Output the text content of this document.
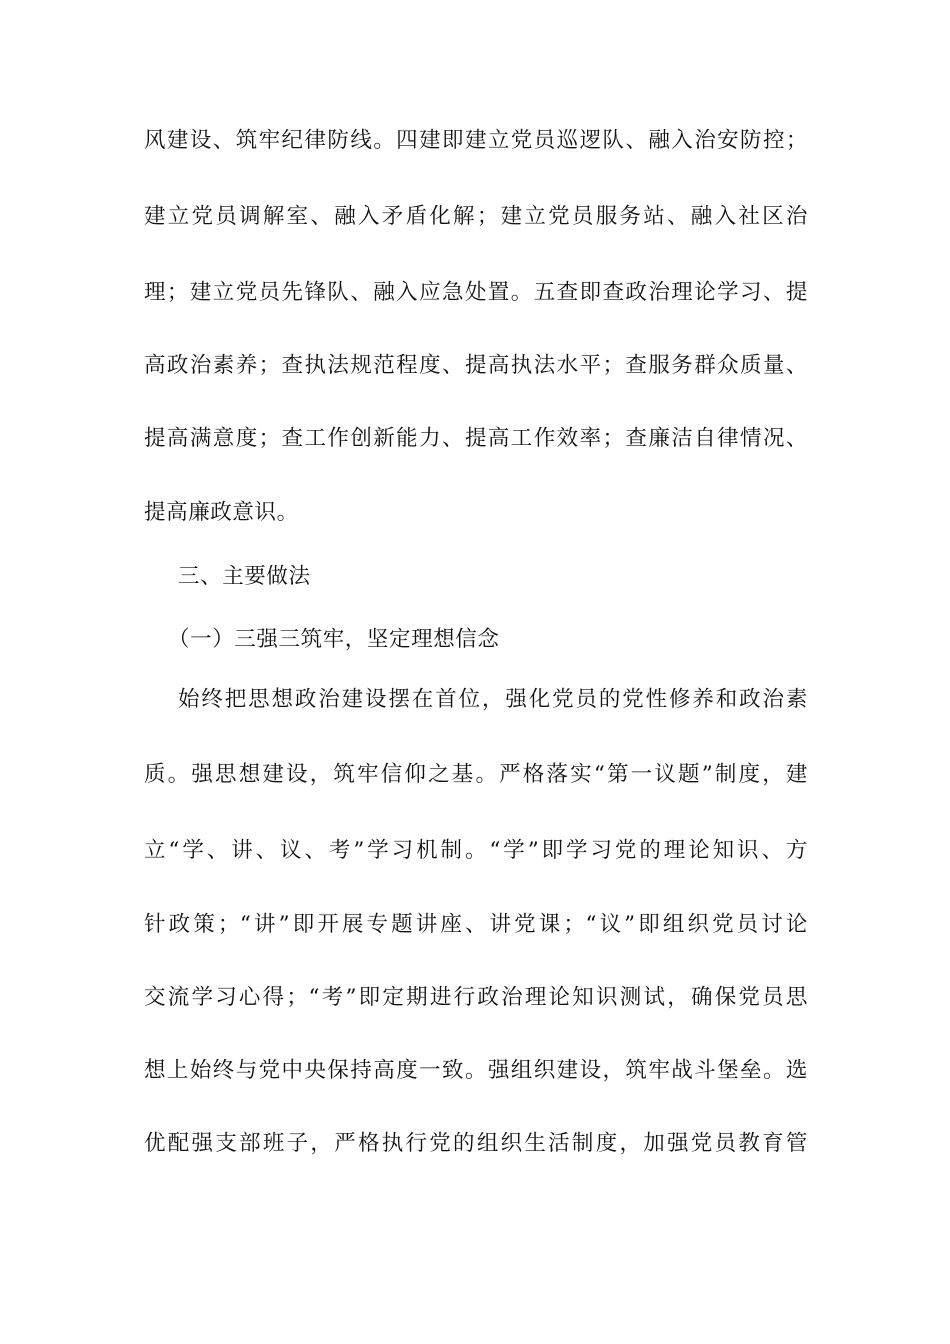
风建设、筑牢纪律防线。四建即建立党员巡逻队、融入治安防控；
建立党员调解室、融入矛盾化解；建立党员服务站、融入社区治
理；建立党员先锋队、融入应急处置。五查即查政治理论学习、提
高政治素养；查执法规范程度、提高执法水平；查服务群众质量、
提高满意度；查工作创新能力、提高工作效率；查廉洁自律情况、
提高廉政意识。
三、主要做法
（一）三强三筑牢，坚定理想信念
始终把思想政治建设摆在首位，强化党员的党性修养和政治素
质。强思想建设，筑牢信仰之基。严格落实“第一议题”制度，建
立“学、讲、议、考”学习机制。“学”即学习党的理论知识、方
针政策；“讲”即开展专题讲座、讲党课；“议”即组织党员讨论
交流学习心得；“考”即定期进行政治理论知识测试，确保党员思
想上始终与党中央保持高度一致。强组织建设，筑牢战斗堡垒。选
优配强支部班子，严格执行党的组织生活制度，加强党员教育管
